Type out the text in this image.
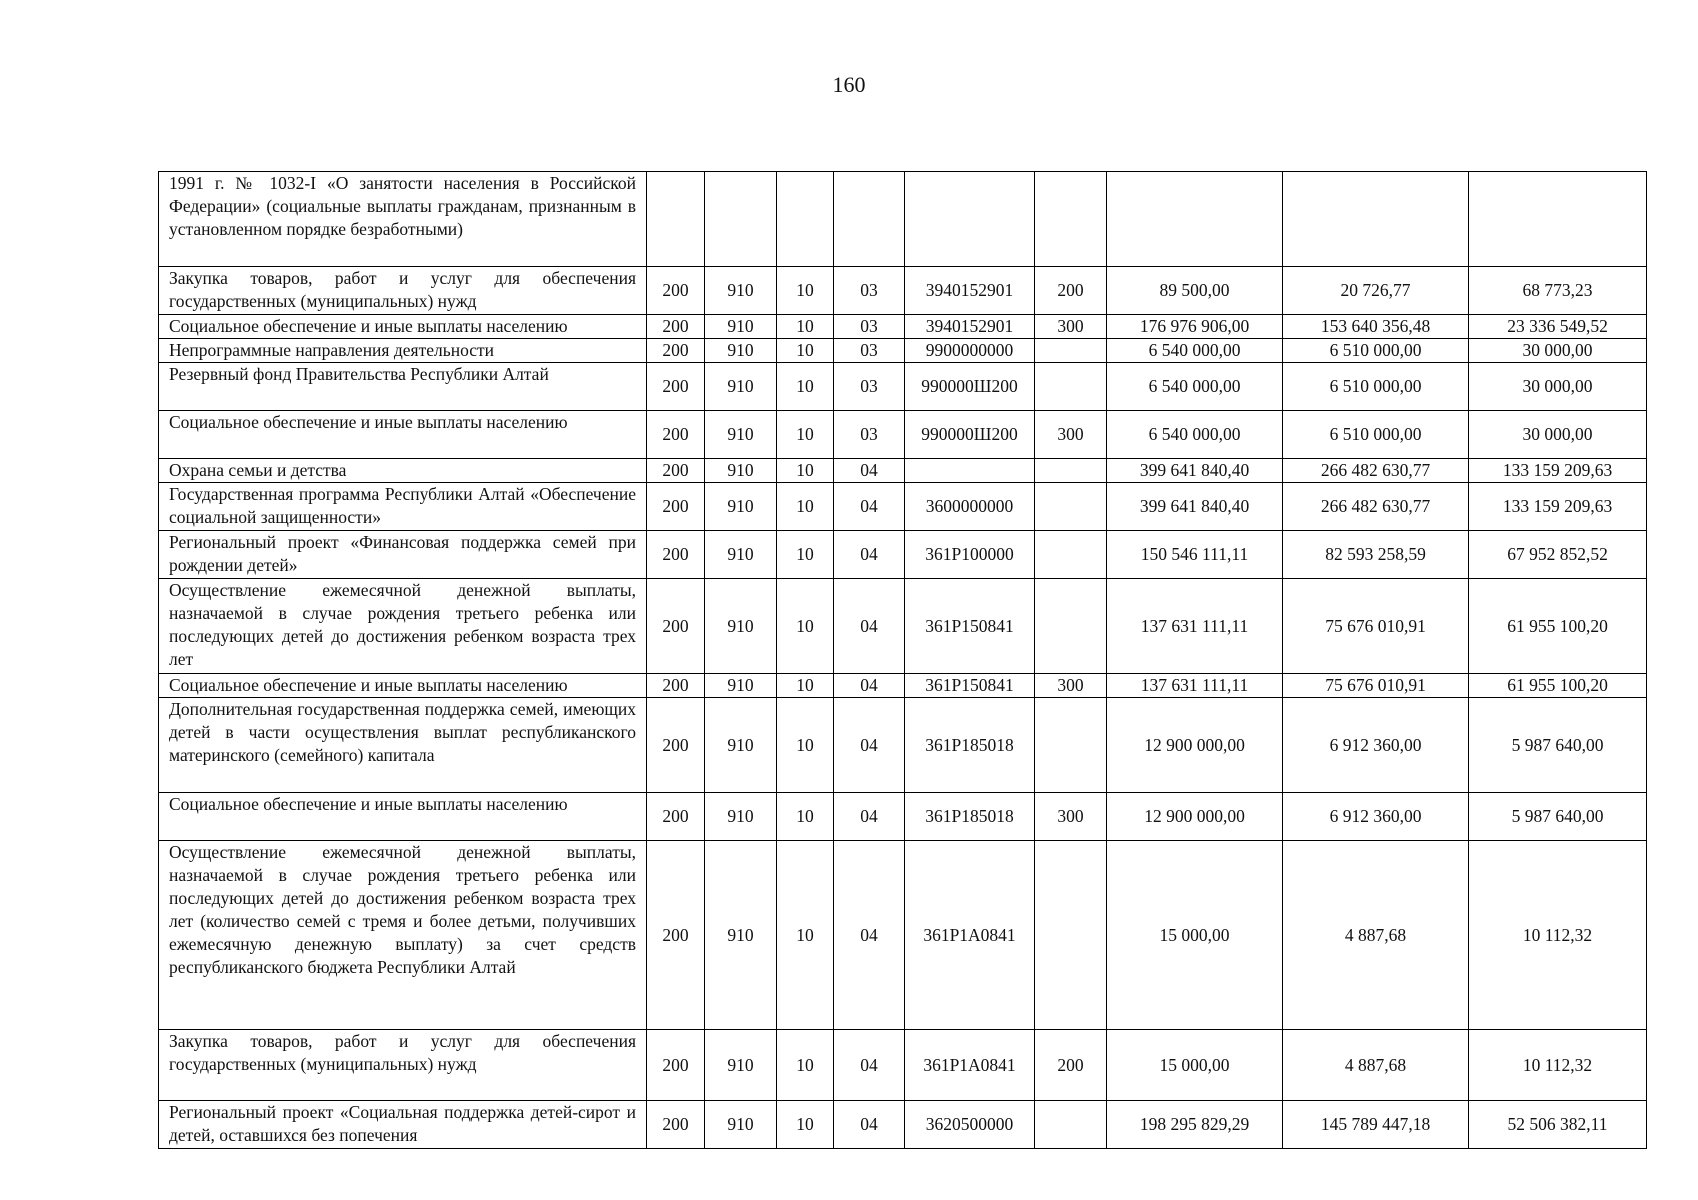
160
1991 г. № 1032-I «О занятости населения в Российской Федерации» (социальные выплаты гражданам, признанным в установленном порядке безработными)									
Закупка товаров, работ и услуг для обеспечения государственных (муниципальных) нужд	200	910	10	03	3940152901	200	89 500,00	20 726,77	68 773,23
Социальное обеспечение и иные выплаты населению	200	910	10	03	3940152901	300	176 976 906,00	153 640 356,48	23 336 549,52
Непрограммные направления деятельности	200	910	10	03	9900000000		6 540 000,00	6 510 000,00	30 000,00
Резервный фонд Правительства Республики Алтай	200	910	10	03	990000Ш200		6 540 000,00	6 510 000,00	30 000,00
Социальное обеспечение и иные выплаты населению	200	910	10	03	990000Ш200	300	6 540 000,00	6 510 000,00	30 000,00
Охрана семьи и детства	200	910	10	04			399 641 840,40	266 482 630,77	133 159 209,63
Государственная программа Республики Алтай «Обеспечение социальной защищенности»	200	910	10	04	3600000000		399 641 840,40	266 482 630,77	133 159 209,63
Региональный проект «Финансовая поддержка семей при рождении детей»	200	910	10	04	361P100000		150 546 111,11	82 593 258,59	67 952 852,52
Осуществление ежемесячной денежной выплаты, назначаемой в случае рождения третьего ребенка или последующих детей до достижения ребенком возраста трех лет	200	910	10	04	361P150841		137 631 111,11	75 676 010,91	61 955 100,20
Социальное обеспечение и иные выплаты населению	200	910	10	04	361P150841	300	137 631 111,11	75 676 010,91	61 955 100,20
Дополнительная государственная поддержка семей, имеющих детей в части осуществления выплат республиканского материнского (семейного) капитала	200	910	10	04	361P185018		12 900 000,00	6 912 360,00	5 987 640,00
Социальное обеспечение и иные выплаты населению	200	910	10	04	361P185018	300	12 900 000,00	6 912 360,00	5 987 640,00
Осуществление ежемесячной денежной выплаты, назначаемой в случае рождения третьего ребенка или последующих детей до достижения ребенком возраста трех лет (количество семей с тремя и более детьми, получивших ежемесячную денежную выплату) за счет средств республиканского бюджета Республики Алтай	200	910	10	04	361P1A0841		15 000,00	4 887,68	10 112,32
Закупка товаров, работ и услуг для обеспечения государственных (муниципальных) нужд	200	910	10	04	361P1A0841	200	15 000,00	4 887,68	10 112,32
Региональный проект «Социальная поддержка детей-сирот и детей, оставшихся без попечения	200	910	10	04	3620500000		198 295 829,29	145 789 447,18	52 506 382,11
